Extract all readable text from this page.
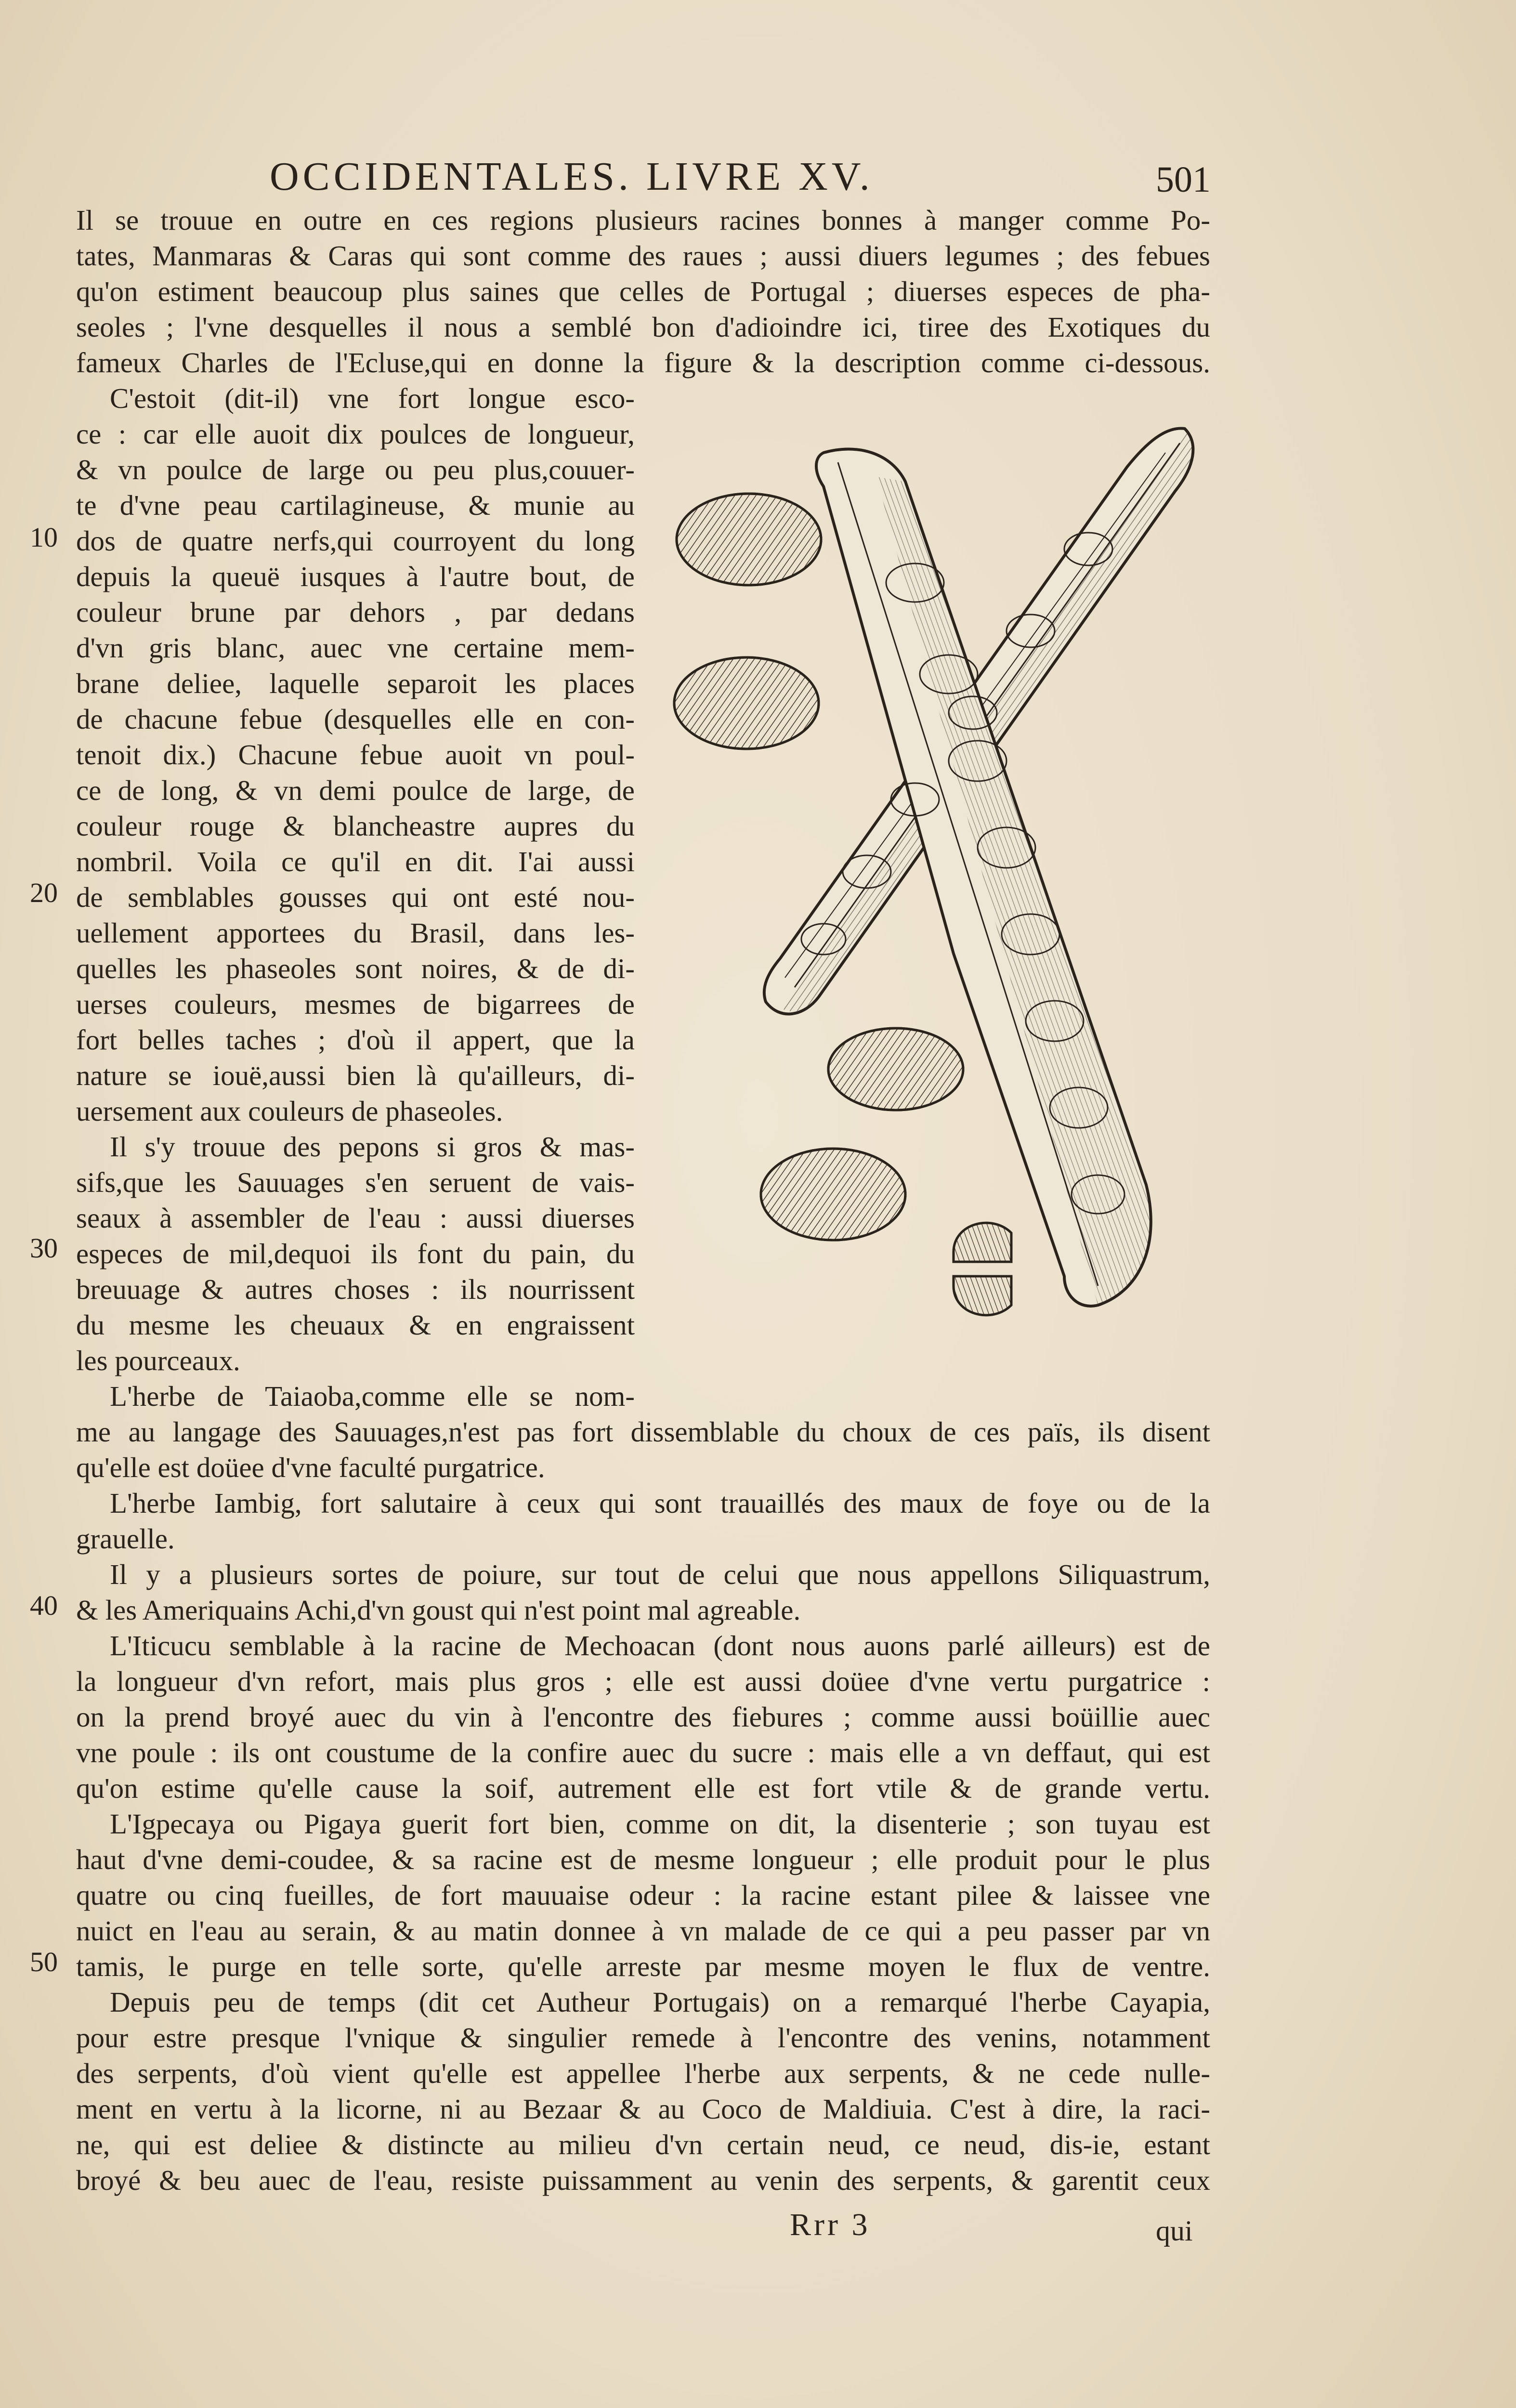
OCCIDENTALES. LIVRE XV.	501
10
20
30
40
50
Il se trouue en outre en ces regions plusieurs racines bonnes à manger comme Po-
tates, Manmaras & Caras qui sont comme des raues ; aussi diuers legumes ; des febues
qu'on estiment beaucoup plus saines que celles de Portugal ; diuerses especes de pha-
seoles ; l'vne desquelles il nous a semblé bon d'adioindre ici, tiree des Exotiques du
fameux Charles de l'Ecluse,qui en donne la figure & la description comme ci-dessous.
C'estoit (dit-il) vne fort longue esco-
ce : car elle auoit dix poulces de longueur,
& vn poulce de large ou peu plus,couuer-
te d'vne peau cartilagineuse, & munie au
dos de quatre nerfs,qui courroyent du long
depuis la queuë iusques à l'autre bout, de
couleur brune par dehors , par dedans
d'vn gris blanc, auec vne certaine mem-
brane deliee, laquelle separoit les places
de chacune febue (desquelles elle en con-
tenoit dix.) Chacune febue auoit vn poul-
ce de long, & vn demi poulce de large, de
couleur rouge & blancheastre aupres du
nombril. Voila ce qu'il en dit. I'ai aussi
de semblables gousses qui ont esté nou-
uellement apportees du Brasil, dans les-
quelles les phaseoles sont noires, & de di-
uerses couleurs, mesmes de bigarrees de
fort belles taches ; d'où il appert, que la
nature se iouë,aussi bien là qu'ailleurs, di-
uersement aux couleurs de phaseoles.
Il s'y trouue des pepons si gros & mas-
sifs,que les Sauuages s'en seruent de vais-
seaux à assembler de l'eau : aussi diuerses
especes de mil,dequoi ils font du pain, du
breuuage & autres choses : ils nourrissent
du mesme les cheuaux & en engraissent
les pourceaux.
L'herbe de Taiaoba,comme elle se nom-
me au langage des Sauuages,n'est pas fort dissemblable du choux de ces païs, ils disent
qu'elle est doüee d'vne faculté purgatrice.
L'herbe Iambig, fort salutaire à ceux qui sont trauaillés des maux de foye ou de la
grauelle.
Il y a plusieurs sortes de poiure, sur tout de celui que nous appellons Siliquastrum,
& les Ameriquains Achi,d'vn goust qui n'est point mal agreable.
L'Iticucu semblable à la racine de Mechoacan (dont nous auons parlé ailleurs) est de
la longueur d'vn refort, mais plus gros ; elle est aussi doüee d'vne vertu purgatrice :
on la prend broyé auec du vin à l'encontre des fiebures ; comme aussi boüillie auec
vne poule : ils ont coustume de la confire auec du sucre : mais elle a vn deffaut, qui est
qu'on estime qu'elle cause la soif, autrement elle est fort vtile & de grande vertu.
L'Igpecaya ou Pigaya guerit fort bien, comme on dit, la disenterie ; son tuyau est
haut d'vne demi-coudee, & sa racine est de mesme longueur ; elle produit pour le plus
quatre ou cinq fueilles, de fort mauuaise odeur : la racine estant pilee & laissee vne
nuict en l'eau au serain, & au matin donnee à vn malade de ce qui a peu passer par vn
tamis, le purge en telle sorte, qu'elle arreste par mesme moyen le flux de ventre.
Depuis peu de temps (dit cet Autheur Portugais) on a remarqué l'herbe Cayapia,
pour estre presque l'vnique & singulier remede à l'encontre des venins, notamment
des serpents, d'où vient qu'elle est appellee l'herbe aux serpents, & ne cede nulle-
ment en vertu à la licorne, ni au Bezaar & au Coco de Maldiuia. C'est à dire, la raci-
ne, qui est deliee & distincte au milieu d'vn certain neud, ce neud, dis-ie, estant
broyé & beu auec de l'eau, resiste puissamment au venin des serpents, & garentit ceux
Rrr 3	qui
